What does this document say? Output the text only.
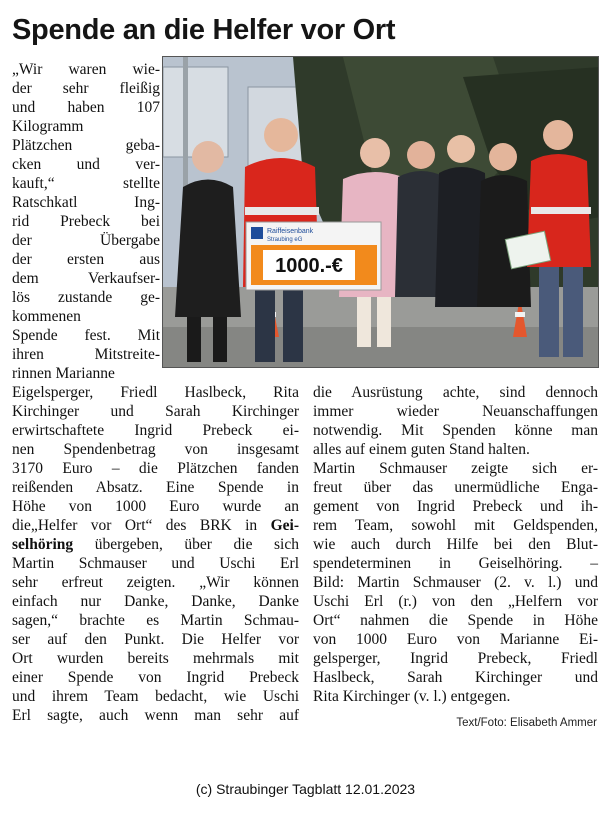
Spende an die Helfer vor Ort
Raiffeisenbank
Straubing eG
1000.-€
„Wir waren wie-
der sehr fleißig
und haben 107
Kilogramm
Plätzchen geba-
cken und ver-
kauft,“ stellte
Ratschkatl Ing-
rid Prebeck bei
der Übergabe
der ersten aus
dem Verkaufser-
lös zustande ge-
kommenen
Spende fest. Mit
ihren Mitstreite-
rinnen Marianne
Eigelsperger, Friedl Haslbeck, Rita
Kirchinger und Sarah Kirchinger
erwirtschaftete Ingrid Prebeck ei-
nen Spendenbetrag von insgesamt
3170 Euro – die Plätzchen fanden
reißenden Absatz. Eine Spende in
Höhe von 1000 Euro wurde an
die„Helfer vor Ort“ des BRK in Gei-
selhöring übergeben, über die sich
Martin Schmauser und Uschi Erl
sehr erfreut zeigten. „Wir können
einfach nur Danke, Danke, Danke
sagen,“ brachte es Martin Schmau-
ser auf den Punkt. Die Helfer vor
Ort wurden bereits mehrmals mit
einer Spende von Ingrid Prebeck
und ihrem Team bedacht, wie Uschi
Erl sagte, auch wenn man sehr auf
die Ausrüstung achte, sind dennoch
immer wieder Neuanschaffungen
notwendig. Mit Spenden könne man
alles auf einem guten Stand halten.
Martin Schmauser zeigte sich er-
freut über das unermüdliche Enga-
gement von Ingrid Prebeck und ih-
rem Team, sowohl mit Geldspenden,
wie auch durch Hilfe bei den Blut-
spendeterminen in Geiselhöring. –
Bild: Martin Schmauser (2. v. l.) und
Uschi Erl (r.) von den „Helfern vor
Ort“ nahmen die Spende in Höhe
von 1000 Euro von Marianne Ei-
gelsperger, Ingrid Prebeck, Friedl
Haslbeck, Sarah Kirchinger und
Rita Kirchinger (v. l.) entgegen.
Text/Foto: Elisabeth Ammer
(c) Straubinger Tagblatt 12.01.2023
